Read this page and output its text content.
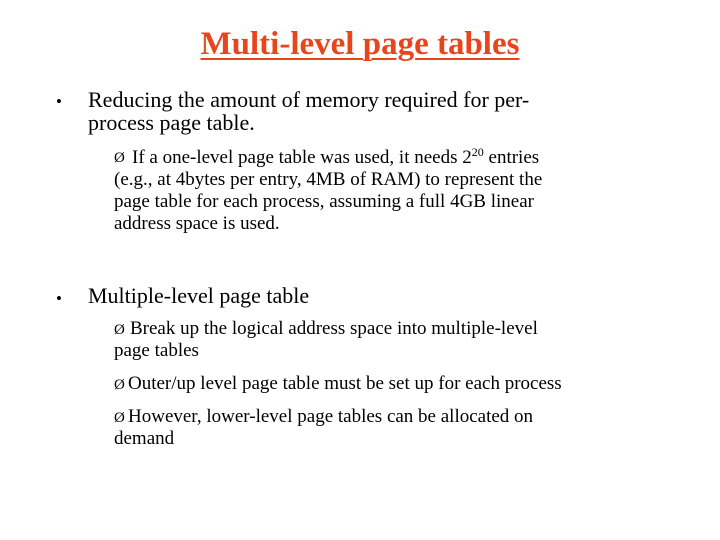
Multi-level page tables
• Reducing the amount of memory required for per-
process page table.
Ø If a one-level page table was used, it needs $2^{20}$ entries
(e.g., at 4bytes per entry, 4MB of RAM) to represent the
page table for each process, assuming a full 4GB linear
address space is used.
• Multiple-level page table
Ø Break up the logical address space into multiple-level
page tables
Ø Outer/up level page table must be set up for each process
Ø However, lower-level page tables can be allocated on
demand
